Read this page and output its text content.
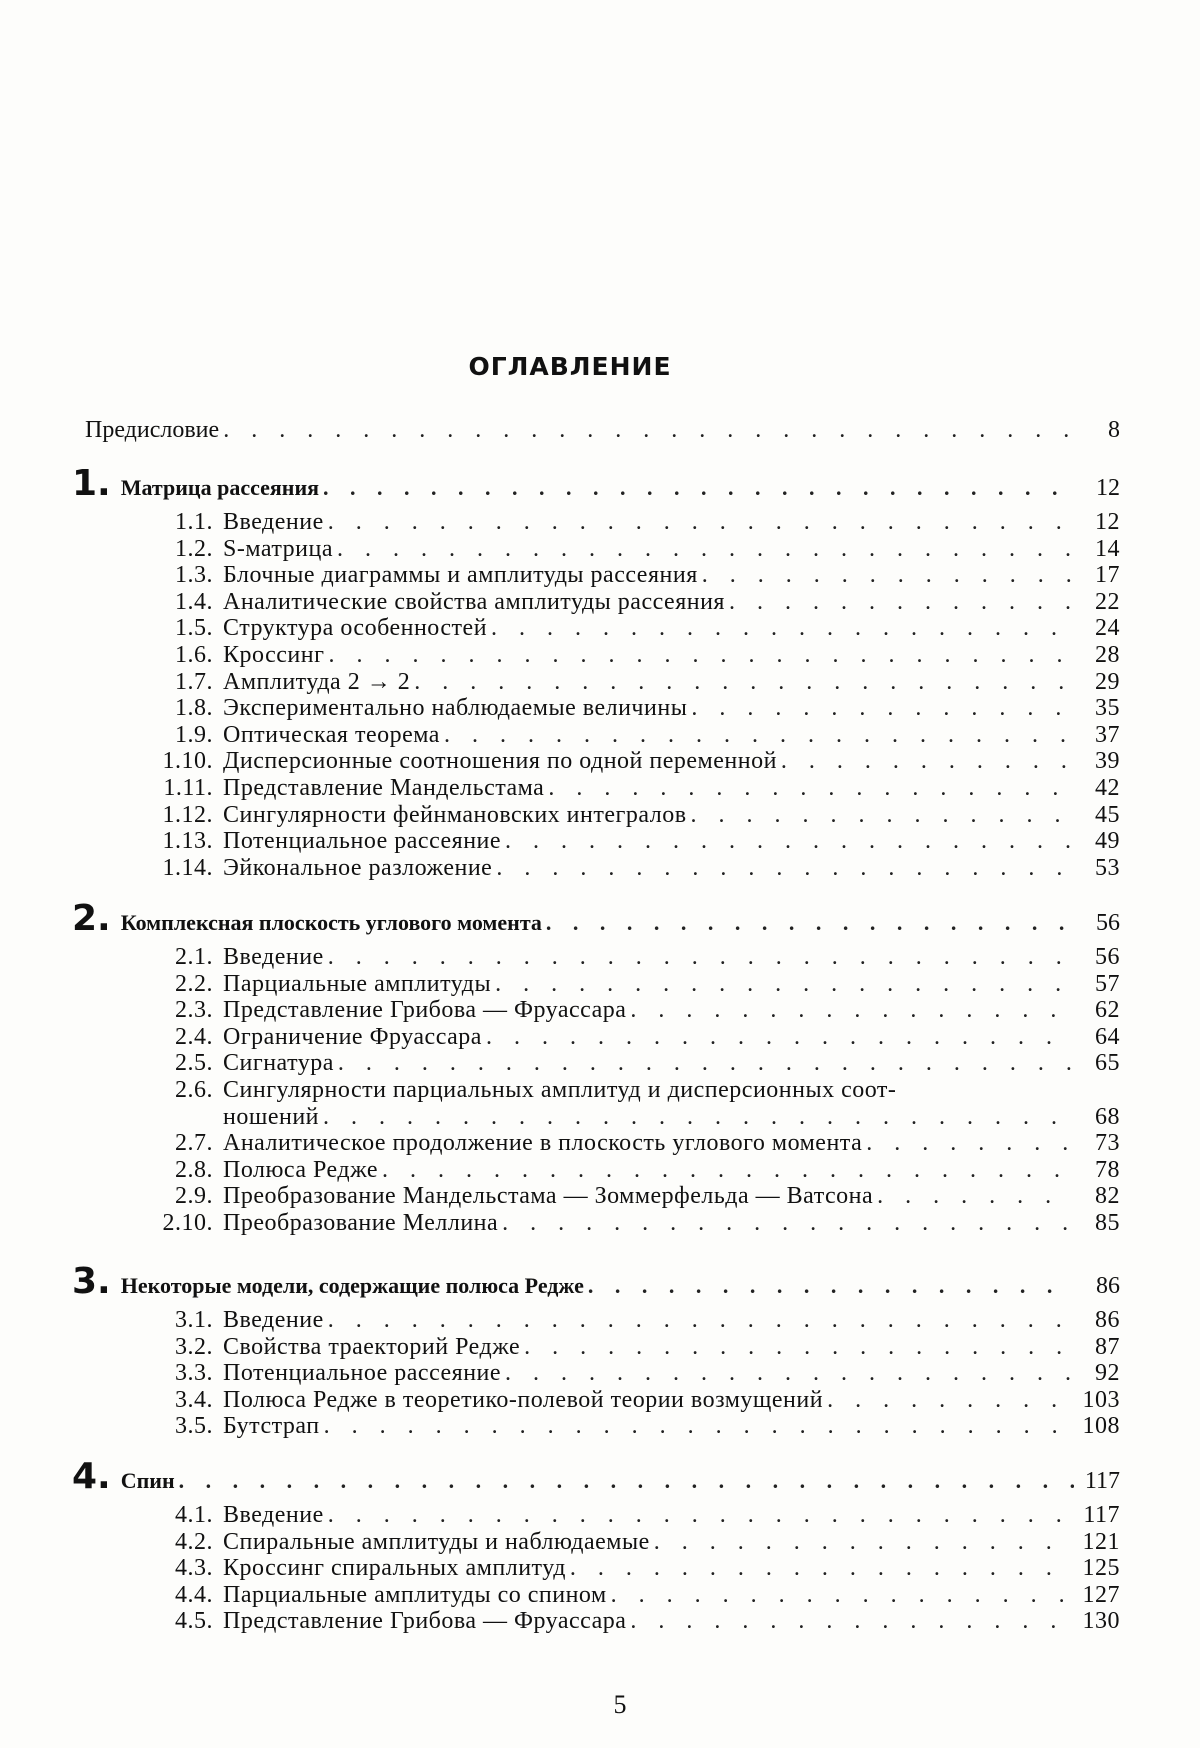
ОГЛАВЛЕНИЕ
Предисловие . . .	8
1. Матрица рассеяния . . .	12
1.1. Введение . . .	12
1.2. S-матрица . . .	14
1.3. Блочные диаграммы и амплитуды рассеяния . . .	17
1.4. Аналитические свойства амплитуды рассеяния . . .	22
1.5. Структура особенностей . . .	24
1.6. Кроссинг . . .	28
1.7. Амплитуда 2 → 2 . . .	29
1.8. Экспериментально наблюдаемые величины . . .	35
1.9. Оптическая теорема . . .	37
1.10. Дисперсионные соотношения по одной переменной . . .	39
1.11. Представление Мандельстама . . .	42
1.12. Сингулярности фейнмановских интегралов . . .	45
1.13. Потенциальное рассеяние . . .	49
1.14. Эйкональное разложение . . .	53
2. Комплексная плоскость углового момента . . .	56
2.1. Введение . . .	56
2.2. Парциальные амплитуды . . .	57
2.3. Представление Грибова — Фруассара . . .	62
2.4. Ограничение Фруассара . . .	64
2.5. Сигнатура . . .	65
2.6. Сингулярности парциальных амплитуд и дисперсионных соот-
ношений . . .	68
2.7. Аналитическое продолжение в плоскость углового момента . . .	73
2.8. Полюса Редже . . .	78
2.9. Преобразование Мандельстама — Зоммерфельда — Ватсона . . .	82
2.10. Преобразование Меллина . . .	85
3. Некоторые модели, содержащие полюса Редже . . .	86
3.1. Введение . . .	86
3.2. Свойства траекторий Редже . . .	87
3.3. Потенциальное рассеяние . . .	92
3.4. Полюса Редже в теоретико-полевой теории возмущений . . .	103
3.5. Бутстрап . . .	108
4. Спин . . .	117
4.1. Введение . . .	117
4.2. Спиральные амплитуды и наблюдаемые . . .	121
4.3. Кроссинг спиральных амплитуд . . .	125
4.4. Парциальные амплитуды со спином . . .	127
4.5. Представление Грибова — Фруассара . . .	130
5
